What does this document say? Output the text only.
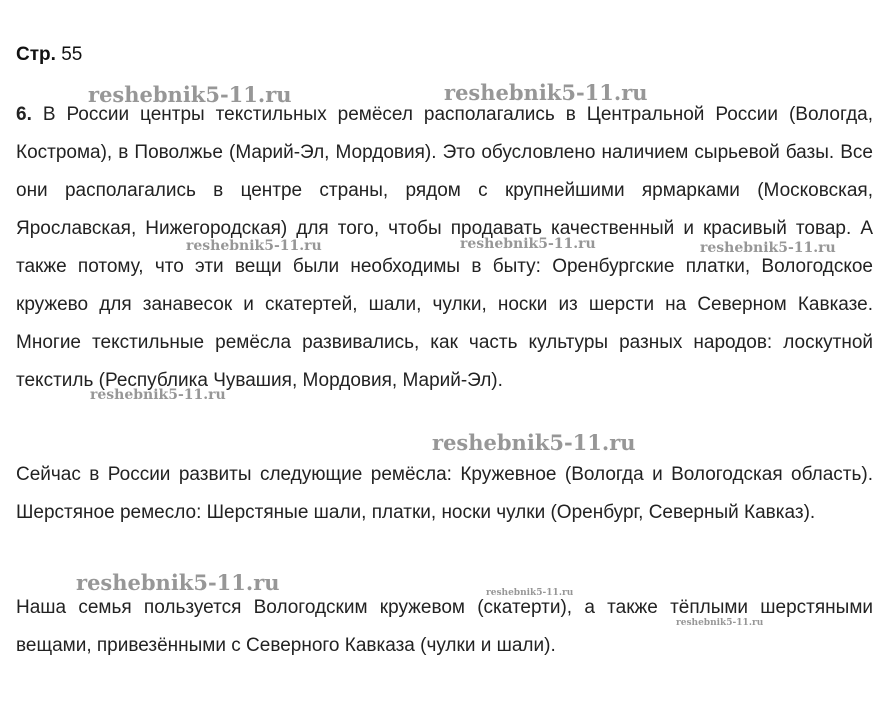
Стр. 55

6. В России центры текстильных ремёсел располагались в Центральной России (Вологда, Кострома), в Поволжье (Марий-Эл, Мордовия). Это обусловлено наличием сырьевой базы. Все они располагались в центре страны, рядом с крупнейшими ярмарками (Московская, Ярославская, Нижегородская) для того, чтобы продавать качественный и красивый товар. А также потому, что эти вещи были необходимы в быту: Оренбургские платки, Вологодское кружево для занавесок и скатертей, шали, чулки, носки из шерсти на Северном Кавказе. Многие текстильные ремёсла развивались, как часть культуры разных народов: лоскутной текстиль (Республика Чувашия, Мордовия, Марий-Эл).

Сейчас в России развиты следующие ремёсла: Кружевное (Вологда и Вологодская область). Шерстяное ремесло: Шерстяные шали, платки, носки чулки (Оренбург, Северный Кавказ).

Наша семья пользуется Вологодским кружевом (скатерти), а также тёплыми шерстяными вещами, привезёнными с Северного Кавказа (чулки и шали).

reshebnik5-11.ru	reshebnik5-11.ru
reshebnik5-11.ru	reshebnik5-11.ru	reshebnik5-11.ru
reshebnik5-11.ru
reshebnik5-11.ru
reshebnik5-11.ru	reshebnik5-11.ru
reshebnik5-11.ru
